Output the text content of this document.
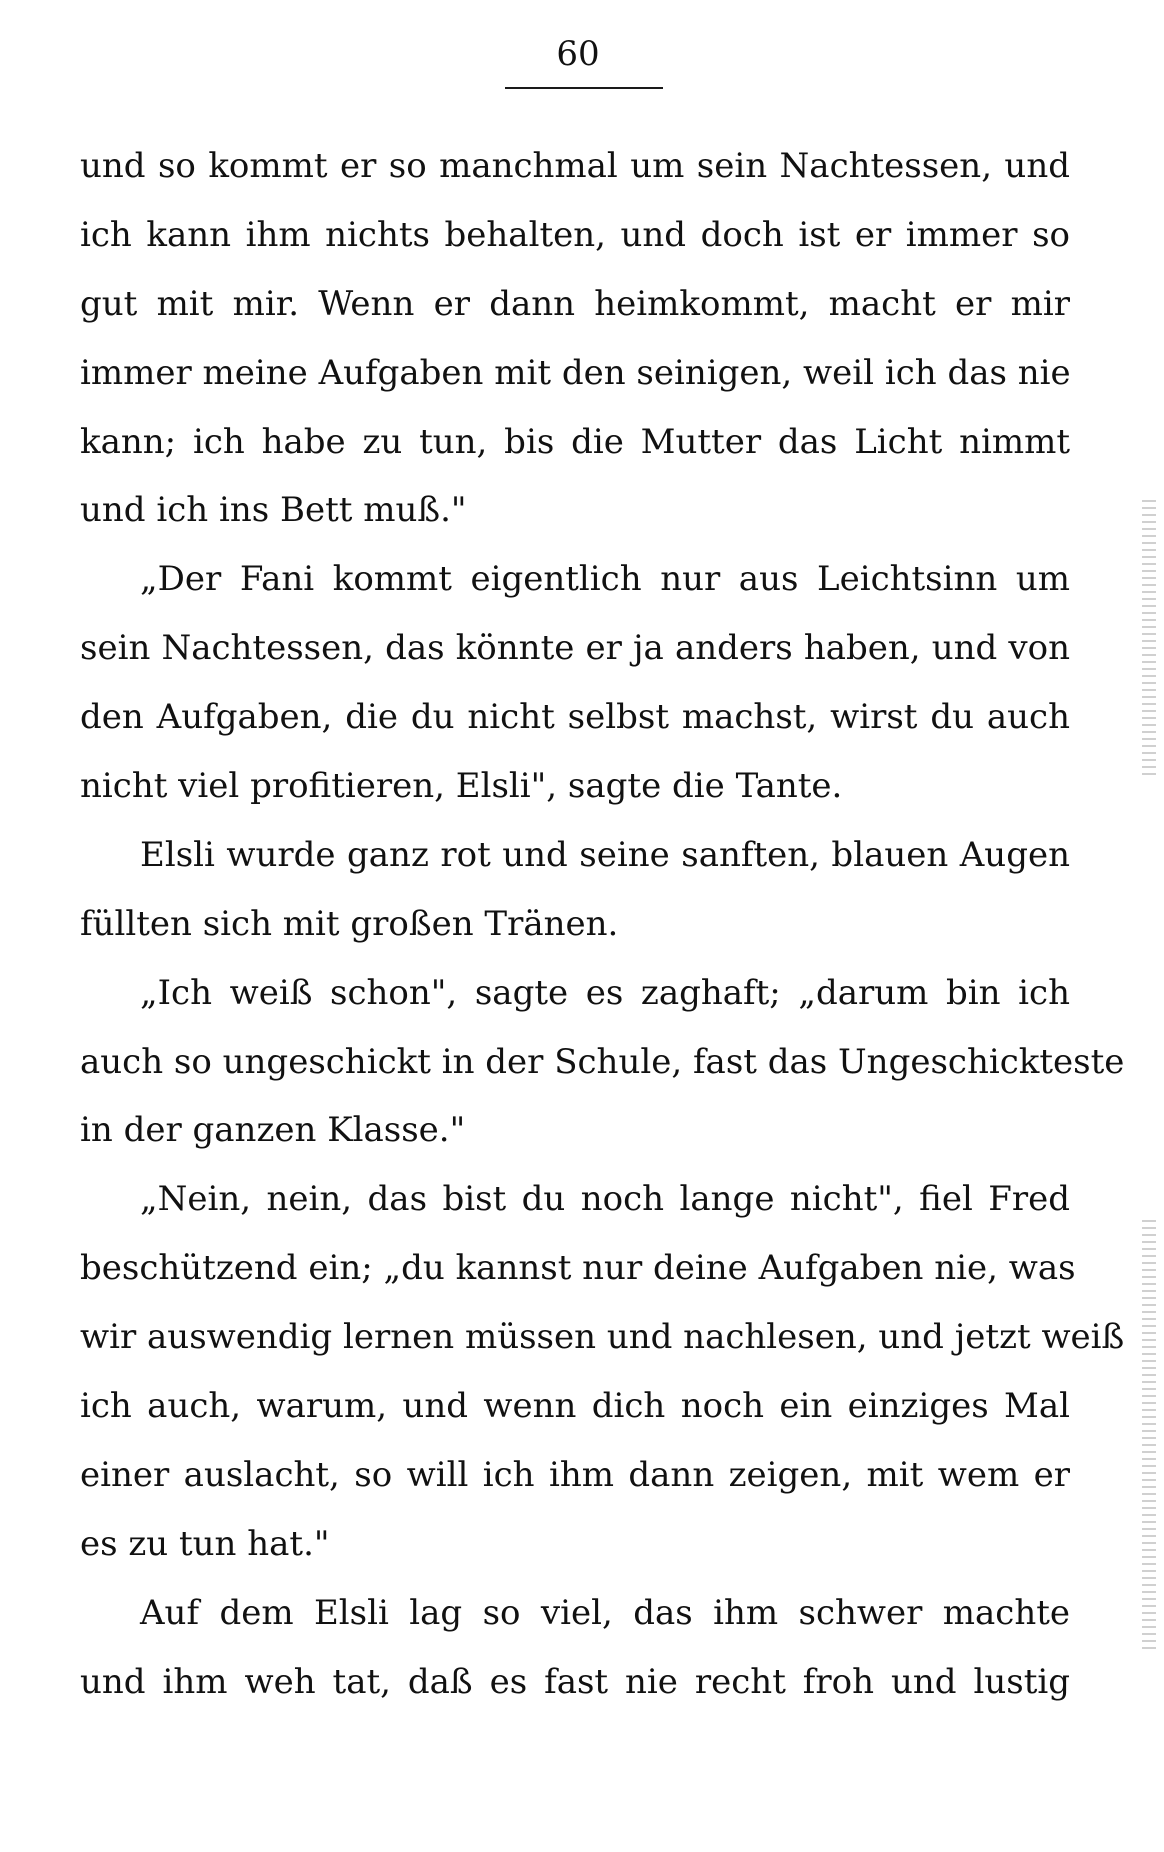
60

und so kommt er so manchmal um sein Nachtessen, und
ich kann ihm nichts behalten, und doch ist er immer so
gut mit mir. Wenn er dann heimkommt, macht er mir
immer meine Aufgaben mit den seinigen, weil ich das nie
kann; ich habe zu tun, bis die Mutter das Licht nimmt
und ich ins Bett muß."

„Der Fani kommt eigentlich nur aus Leichtsinn um
sein Nachtessen, das könnte er ja anders haben, und von
den Aufgaben, die du nicht selbst machst, wirst du auch
nicht viel profitieren, Elsli", sagte die Tante.

Elsli wurde ganz rot und seine sanften, blauen Augen
füllten sich mit großen Tränen.

„Ich weiß schon", sagte es zaghaft; „darum bin ich
auch so ungeschickt in der Schule, fast das Ungeschickteste
in der ganzen Klasse."

„Nein, nein, das bist du noch lange nicht", fiel Fred
beschützend ein; „du kannst nur deine Aufgaben nie, was
wir auswendig lernen müssen und nachlesen, und jetzt weiß
ich auch, warum, und wenn dich noch ein einziges Mal
einer auslacht, so will ich ihm dann zeigen, mit wem er
es zu tun hat."

Auf dem Elsli lag so viel, das ihm schwer machte
und ihm weh tat, daß es fast nie recht froh und lustig
